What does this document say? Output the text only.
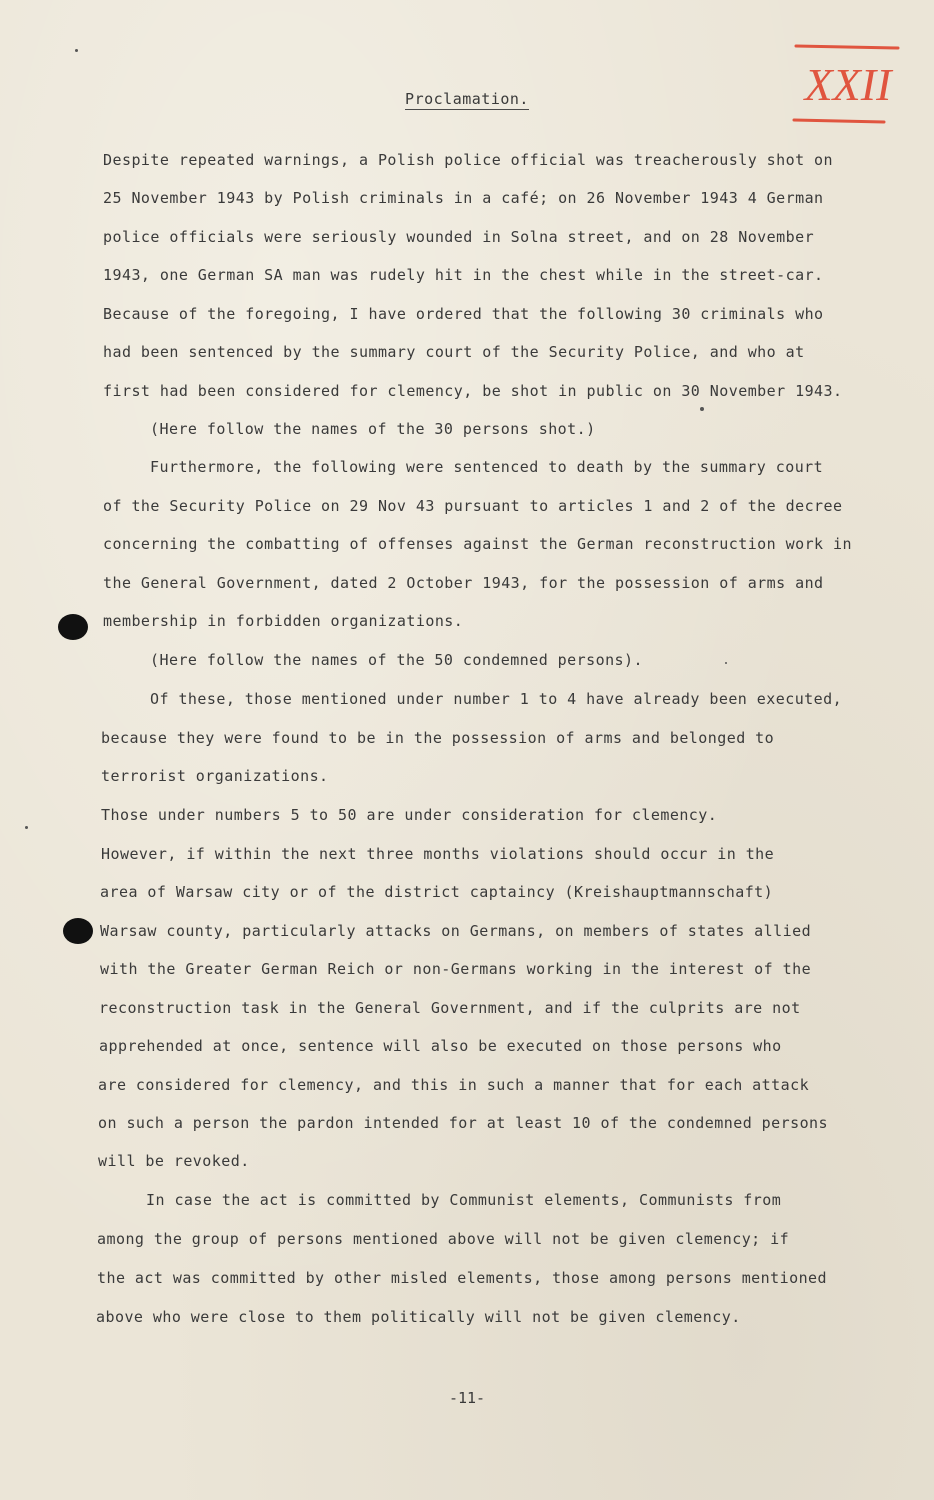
Proclamation.	XXII
Despite repeated warnings, a Polish police official was treacherously shot on
25 November 1943 by Polish criminals in a café; on 26 November 1943 4 German
police officials were seriously wounded in Solna street, and on 28 November
1943, one German SA man was rudely hit in the chest while in the street-car.
Because of the foregoing, I have ordered that the following 30 criminals who
had been sentenced by the summary court of the Security Police, and who at
first had been considered for clemency, be shot in public on 30 November 1943.
(Here follow the names of the 30 persons shot.)
Furthermore, the following were sentenced to death by the summary court
of the Security Police on 29 Nov 43 pursuant to articles 1 and 2 of the decree
concerning the combatting of offenses against the German reconstruction work in
the General Government, dated 2 October 1943, for the possession of arms and
membership in forbidden organizations.
(Here follow the names of the 50 condemned persons).
Of these, those mentioned under number 1 to 4 have already been executed,
because they were found to be in the possession of arms and belonged to
terrorist organizations.
Those under numbers 5 to 50 are under consideration for clemency.
However, if within the next three months violations should occur in the
area of Warsaw city or of the district captaincy (Kreishauptmannschaft)
Warsaw county, particularly attacks on Germans, on members of states allied
with the Greater German Reich or non-Germans working in the interest of the
reconstruction task in the General Government, and if the culprits are not
apprehended at once, sentence will also be executed on those persons who
are considered for clemency, and this in such a manner that for each attack
on such a person the pardon intended for at least 10 of the condemned persons
will be revoked.
In case the act is committed by Communist elements, Communists from
among the group of persons mentioned above will not be given clemency; if
the act was committed by other misled elements, those among persons mentioned
above who were close to them politically will not be given clemency.
-11-
